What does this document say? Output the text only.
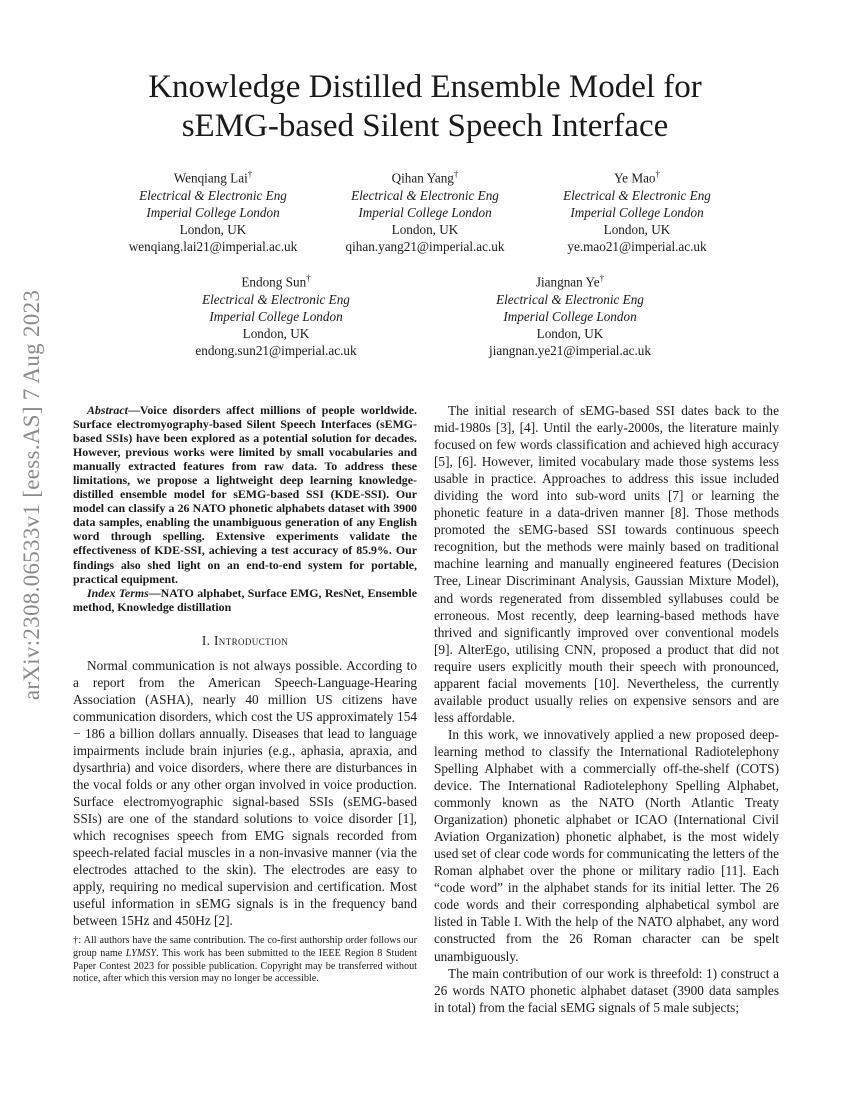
arXiv:2308.06533v1 [eess.AS] 7 Aug 2023
Knowledge Distilled Ensemble Model for
sEMG-based Silent Speech Interface
Wenqiang Lai†
Electrical & Electronic Eng
Imperial College London
London, UK
wenqiang.lai21@imperial.ac.uk
Qihan Yang†
Electrical & Electronic Eng
Imperial College London
London, UK
qihan.yang21@imperial.ac.uk
Ye Mao†
Electrical & Electronic Eng
Imperial College London
London, UK
ye.mao21@imperial.ac.uk
Endong Sun†
Electrical & Electronic Eng
Imperial College London
London, UK
endong.sun21@imperial.ac.uk
Jiangnan Ye†
Electrical & Electronic Eng
Imperial College London
London, UK
jiangnan.ye21@imperial.ac.uk

Abstract—Voice disorders affect millions of people worldwide. Surface electromyography-based Silent Speech Interfaces (sEMG-based SSIs) have been explored as a potential solution for decades. However, previous works were limited by small vocabularies and manually extracted features from raw data. To address these limitations, we propose a lightweight deep learning knowledge-distilled ensemble model for sEMG-based SSI (KDE-SSI). Our model can classify a 26 NATO phonetic alphabets dataset with 3900 data samples, enabling the unambiguous generation of any English word through spelling. Extensive experiments validate the effectiveness of KDE-SSI, achieving a test accuracy of 85.9%. Our findings also shed light on an end-to-end system for portable, practical equipment.

Index Terms—NATO alphabet, Surface EMG, ResNet, Ensemble method, Knowledge distillation

I. Introduction

Normal communication is not always possible. According to a report from the American Speech-Language-Hearing Association (ASHA), nearly 40 million US citizens have communication disorders, which cost the US approximately 154 − 186 a billion dollars annually. Diseases that lead to language impairments include brain injuries (e.g., aphasia, apraxia, and dysarthria) and voice disorders, where there are disturbances in the vocal folds or any other organ involved in voice production. Surface electromyographic signal-based SSIs (sEMG-based SSIs) are one of the standard solutions to voice disorder [1], which recognises speech from EMG signals recorded from speech-related facial muscles in a non-invasive manner (via the electrodes attached to the skin). The electrodes are easy to apply, requiring no medical supervision and certification. Most useful information in sEMG signals is in the frequency band between 15Hz and 450Hz [2].

†: All authors have the same contribution. The co-first authorship order follows our group name LYMSY. This work has been submitted to the IEEE Region 8 Student Paper Contest 2023 for possible publication. Copyright may be transferred without notice, after which this version may no longer be accessible.

The initial research of sEMG-based SSI dates back to the mid-1980s [3], [4]. Until the early-2000s, the literature mainly focused on few words classification and achieved high accuracy [5], [6]. However, limited vocabulary made those systems less usable in practice. Approaches to address this issue included dividing the word into sub-word units [7] or learning the phonetic feature in a data-driven manner [8]. Those methods promoted the sEMG-based SSI towards continuous speech recognition, but the methods were mainly based on traditional machine learning and manually engineered features (Decision Tree, Linear Discriminant Analysis, Gaussian Mixture Model), and words regenerated from dissembled syllabuses could be erroneous. Most recently, deep learning-based methods have thrived and significantly improved over conventional models [9]. AlterEgo, utilising CNN, proposed a product that did not require users explicitly mouth their speech with pronounced, apparent facial movements [10]. Nevertheless, the currently available product usually relies on expensive sensors and are less affordable.

In this work, we innovatively applied a new proposed deep-learning method to classify the International Radiotelephony Spelling Alphabet with a commercially off-the-shelf (COTS) device. The International Radiotelephony Spelling Alphabet, commonly known as the NATO (North Atlantic Treaty Organization) phonetic alphabet or ICAO (International Civil Aviation Organization) phonetic alphabet, is the most widely used set of clear code words for communicating the letters of the Roman alphabet over the phone or military radio [11]. Each “code word” in the alphabet stands for its initial letter. The 26 code words and their corresponding alphabetical symbol are listed in Table I. With the help of the NATO alphabet, any word constructed from the 26 Roman character can be spelt unambiguously.

The main contribution of our work is threefold: 1) construct a 26 words NATO phonetic alphabet dataset (3900 data samples in total) from the facial sEMG signals of 5 male subjects;
